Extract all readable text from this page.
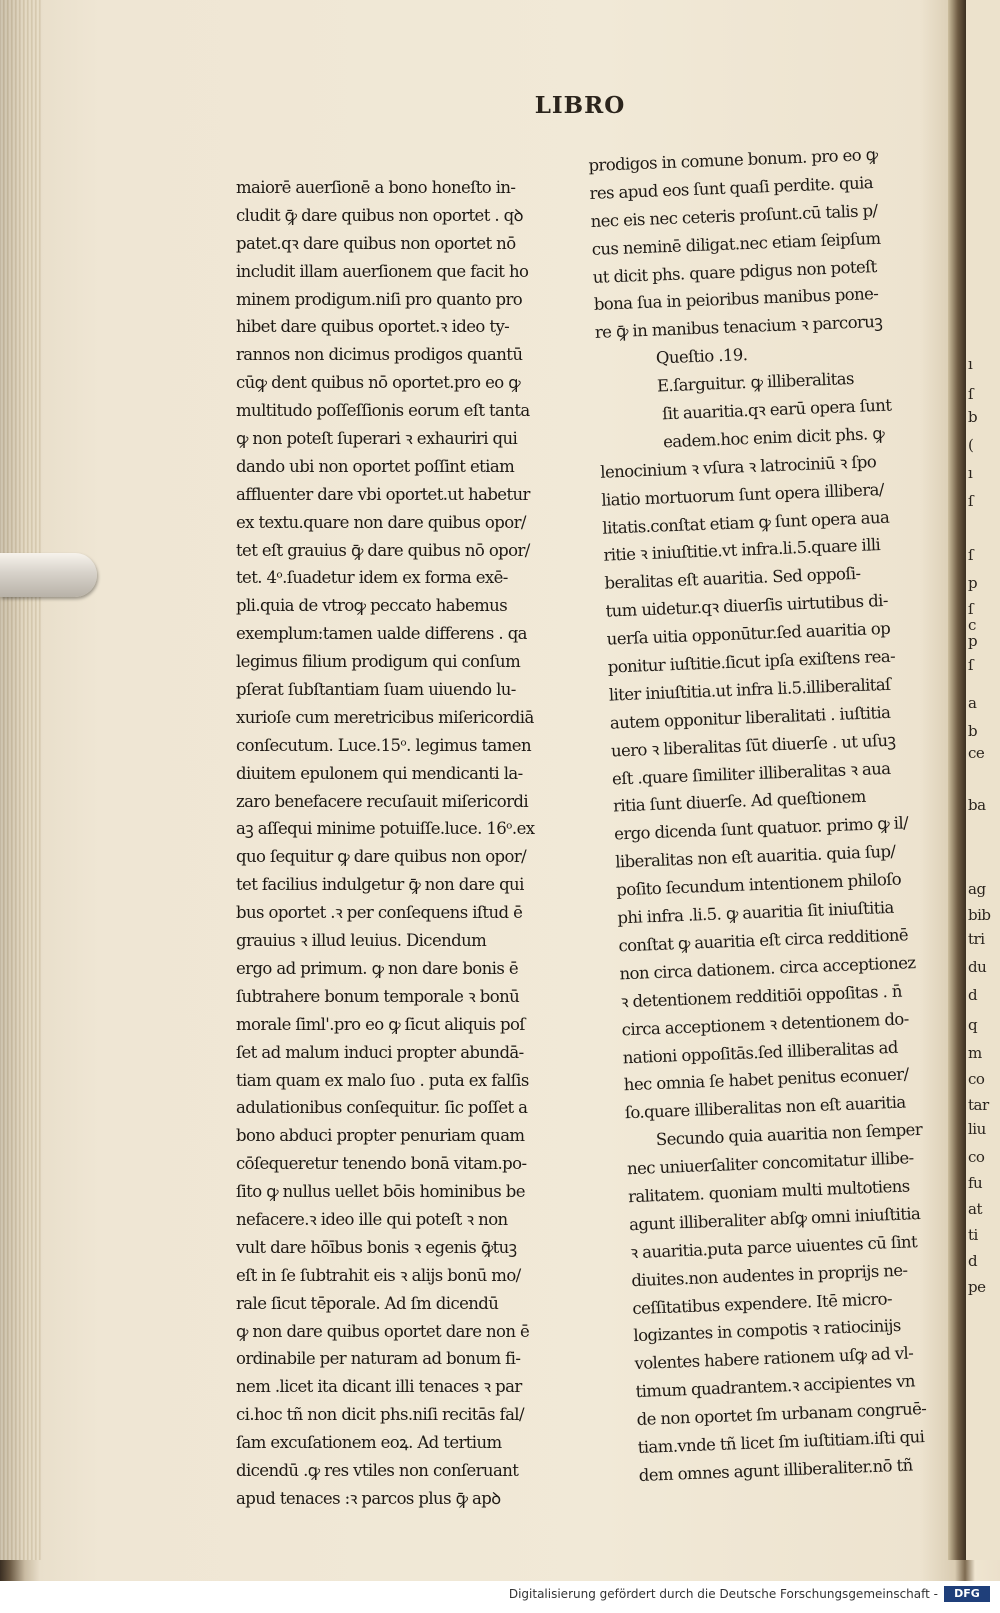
ı
ſ
b
(
ı
ſ
ſ
p
ſ
c
p
ſ
a
b
ce
ba
ag
bib
tri
du
d
q
m
co
tar
liu
co
fu
at
ti
d
pe
LIBRO
maiorē auerſionē a bono honeſto in-
cludit ꝙ̄ dare quibus non oportet . qꝺ
patet.qꝛ dare quibus non oportet nō
includit illam auerſionem que facit ho
minem prodigum.niſi pro quanto pro
hibet dare quibus oportet.ꝛ ideo ty-
rannos non dicimus prodigos quantū
cūꝙ dent quibus nō oportet.pro eo ꝙ
multitudo poſſeſſionis eorum eſt tanta
ꝙ non poteſt ſuperari ꝛ exhauriri qui
dando ubi non oportet poſſint etiam
affluenter dare vbi oportet.ut habetur
ex textu.quare non dare quibus opor/
tet eſt grauius ꝙ̄ dare quibus nō opor/
tet. 4ᵒ.ſuadetur idem ex forma exē-
pli.quia de vtroꝙ peccato habemus
exemplum:tamen ualde differens . qa
legimus filium prodigum qui conſum
pſerat ſubſtantiam ſuam uiuendo lu-
xurioſe cum meretricibus miſericordiā
conſecutum. Luce.15ᵒ. legimus tamen
diuitem epulonem qui mendicanti la-
zaro benefacere recuſauit miſericordi
aꝫ aſſequi minime potuiſſe.luce. 16ᵒ.ex
quo ſequitur ꝙ dare quibus non opor/
tet facilius indulgetur ꝙ̄ non dare qui
bus oportet .ꝛ per conſequens iſtud ē
grauius ꝛ illud leuius. Dicendum
ergo ad primum. ꝙ non dare bonis ē
ſubtrahere bonum temporale ꝛ bonū
morale ſiml'.pro eo ꝙ ſicut aliquis poſ
ſet ad malum induci propter abundā-
tiam quam ex malo ſuo . puta ex falſis
adulationibus conſequitur. ſic poſſet a
bono abduci propter penuriam quam
cōſequeretur tenendo bonā vitam.po-
ſito ꝙ nullus uellet bōis hominibus be
nefacere.ꝛ ideo ille qui poteſt ꝛ non
vult dare hōībus bonis ꝛ egenis ꝙ̄tuꝫ
eſt in ſe ſubtrahit eis ꝛ alijs bonū mo/
rale ſicut tēporale. Ad ſm dicendū
ꝙ non dare quibus oportet dare non ē
ordinabile per naturam ad bonum fi-
nem .licet ita dicant illi tenaces ꝛ par
ci.hoc tñ non dicit phs.niſi recitās fal/
ſam excuſationem eoꝝ. Ad tertium
dicendū .ꝙ res vtiles non conſeruant
apud tenaces :ꝛ parcos plus ꝙ̄ apꝺ
prodigos in comune bonum. pro eo ꝙ
res apud eos ſunt quaſi perdite. quia
nec eis nec ceteris proſunt.cū talis p/
cus neminē diligat.nec etiam ſeipſum
ut dicit phs. quare pdigus non poteſt
bona ſua in peioribus manibus pone-
re ꝙ̄ in manibus tenacium ꝛ parcoruꝫ
Queſtio .19.
E.ſarguitur. ꝙ illiberalitas
ſit auaritia.qꝛ earū opera ſunt
eadem.hoc enim dicit phs. ꝙ
lenocinium ꝛ vſura ꝛ latrociniū ꝛ ſpo
liatio mortuorum ſunt opera illibera/
litatis.conſtat etiam ꝙ ſunt opera aua
ritie ꝛ iniuſtitie.vt infra.li.5.quare illi
beralitas eſt auaritia. Sed oppoſi-
tum uidetur.qꝛ diuerſis uirtutibus di-
uerſa uitia opponūtur.ſed auaritia op
ponitur iuſtitie.ſicut ipſa exiſtens rea-
liter iniuſtitia.ut infra li.5.illiberalitaſ
autem opponitur liberalitati . iuſtitia
uero ꝛ liberalitas ſūt diuerſe . ut uſuꝫ
eſt .quare ſimiliter illiberalitas ꝛ aua
ritia ſunt diuerſe. Ad queſtionem
ergo dicenda ſunt quatuor. primo ꝙ il/
liberalitas non eſt auaritia. quia ſup/
poſito ſecundum intentionem philoſo
phi infra .li.5. ꝙ auaritia ſit iniuſtitia
conſtat ꝙ auaritia eſt circa redditionē
non circa dationem. circa acceptionez
ꝛ detentionem redditiōi oppoſitas . n̄
circa acceptionem ꝛ detentionem do-
nationi oppoſitās.ſed illiberalitas ad
hec omnia ſe habet penitus econuer/
ſo.quare illiberalitas non eſt auaritia
Secundo quia auaritia non ſemper
nec uniuerſaliter concomitatur illibe-
ralitatem. quoniam multi multotiens
agunt illiberaliter abſꝙ omni iniuſtitia
ꝛ auaritia.puta parce uiuentes cū ſint
diuites.non audentes in proprijs ne-
ceſſitatibus expendere. Itē micro-
logizantes in compotis ꝛ ratiocinijs
volentes habere rationem uſꝙ ad vl-
timum quadrantem.ꝛ accipientes vn
de non oportet ſm urbanam congruē-
tiam.vnde tñ licet ſm iuſtitiam.iſti qui
dem omnes agunt illiberaliter.nō tñ
Digitalisierung gefördert durch die Deutsche Forschungsgemeinschaft -	DFG
